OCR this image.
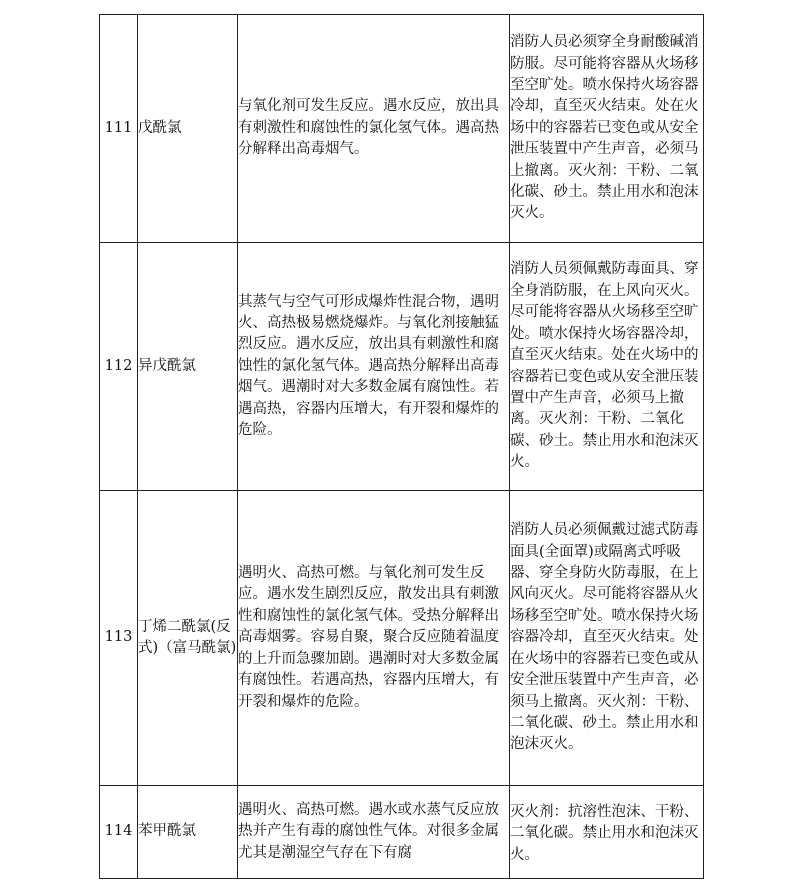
111	戊酰氯	与氧化剂可发生反应。遇水反应，放出具有刺激性和腐蚀性的氯化氢气体。遇高热分解释出高毒烟气。	消防人员必须穿全身耐酸碱消防服。尽可能将容器从火场移至空旷处。喷水保持火场容器冷却，直至灭火结束。处在火场中的容器若已变色或从安全泄压装置中产生声音，必须马上撤离。灭火剂：干粉、二氧化碳、砂土。禁止用水和泡沫灭火。
112	异戊酰氯	其蒸气与空气可形成爆炸性混合物，遇明火、高热极易燃烧爆炸。与氧化剂接触猛烈反应。遇水反应，放出具有刺激性和腐蚀性的氯化氢气体。遇高热分解释出高毒烟气。遇潮时对大多数金属有腐蚀性。若遇高热，容器内压增大，有开裂和爆炸的危险。	消防人员须佩戴防毒面具、穿全身消防服，在上风向灭火。尽可能将容器从火场移至空旷处。喷水保持火场容器冷却，直至灭火结束。处在火场中的容器若已变色或从安全泄压装置中产生声音，必须马上撤离。灭火剂：干粉、二氧化碳、砂土。禁止用水和泡沫灭火。
113	丁烯二酰氯(反式)（富马酰氯)	遇明火、高热可燃。与氧化剂可发生反应。遇水发生剧烈反应，散发出具有刺激性和腐蚀性的氯化氢气体。受热分解释出高毒烟雾。容易自聚，聚合反应随着温度的上升而急骤加剧。遇潮时对大多数金属有腐蚀性。若遇高热，容器内压增大，有开裂和爆炸的危险。	消防人员必须佩戴过滤式防毒面具(全面罩)或隔离式呼吸器、穿全身防火防毒服，在上风向灭火。尽可能将容器从火场移至空旷处。喷水保持火场容器冷却，直至灭火结束。处在火场中的容器若已变色或从安全泄压装置中产生声音，必须马上撤离。灭火剂：干粉、二氧化碳、砂土。禁止用水和泡沫灭火。
114	苯甲酰氯	遇明火、高热可燃。遇水或水蒸气反应放热并产生有毒的腐蚀性气体。对很多金属尤其是潮湿空气存在下有腐	灭火剂：抗溶性泡沫、干粉、二氧化碳。禁止用水和泡沫灭火。
